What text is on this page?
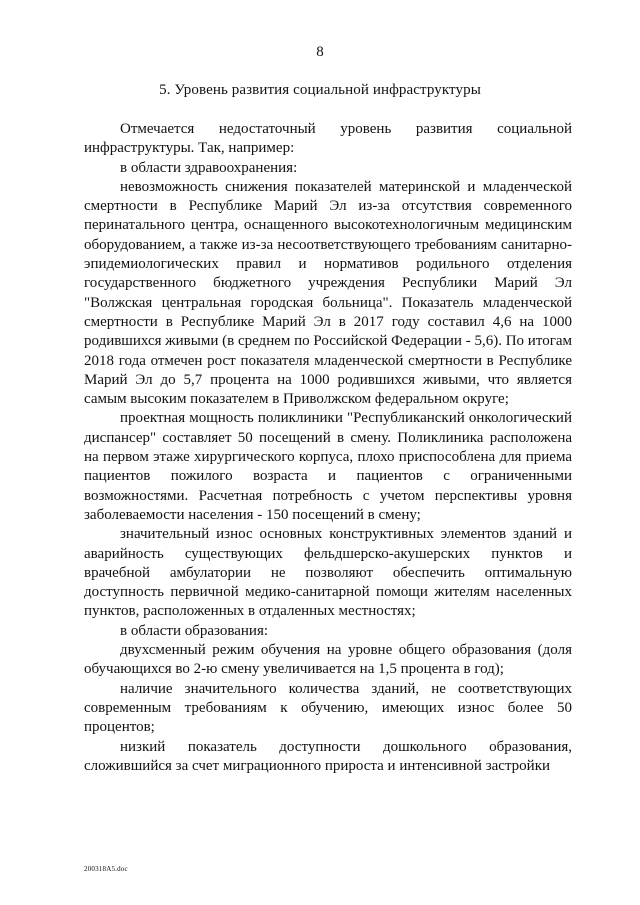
8
5. Уровень развития социальной инфраструктуры

Отмечается недостаточный уровень развития социальной инфраструктуры. Так, например:

в области здравоохранения:

невозможность снижения показателей материнской и младенческой смертности в Республике Марий Эл из-за отсутствия современного перинатального центра, оснащенного высокотехнологичным медицинским оборудованием, а также из-за несоответствующего требованиям санитарно-эпидемиологических правил и нормативов родильного отделения государственного бюджетного учреждения Республики Марий Эл "Волжская центральная городская больница". Показатель младенческой смертности в Республике Марий Эл в 2017 году составил 4,6 на 1000 родившихся живыми (в среднем по Российской Федерации - 5,6). По итогам 2018 года отмечен рост показателя младенческой смертности в Республике Марий Эл до 5,7 процента на 1000 родившихся живыми, что является самым высоким показателем в Приволжском федеральном округе;

проектная мощность поликлиники "Республиканский онкологический диспансер" составляет 50 посещений в смену. Поликлиника расположена на первом этаже хирургического корпуса, плохо приспособлена для приема пациентов пожилого возраста и пациентов с ограниченными возможностями. Расчетная потребность с учетом перспективы уровня заболеваемости населения - 150 посещений в смену;

значительный износ основных конструктивных элементов зданий и аварийность существующих фельдшерско-акушерских пунктов и врачебной амбулатории не позволяют обеспечить оптимальную доступность первичной медико-санитарной помощи жителям населенных пунктов, расположенных в отдаленных местностях;

в области образования:

двухсменный режим обучения на уровне общего образования (доля обучающихся во 2-ю смену увеличивается на 1,5 процента в год);

наличие значительного количества зданий, не соответствующих современным требованиям к обучению, имеющих износ более 50 процентов;

низкий показатель доступности дошкольного образования, сложившийся за счет миграционного прироста и интенсивной застройки

200318A5.doc
